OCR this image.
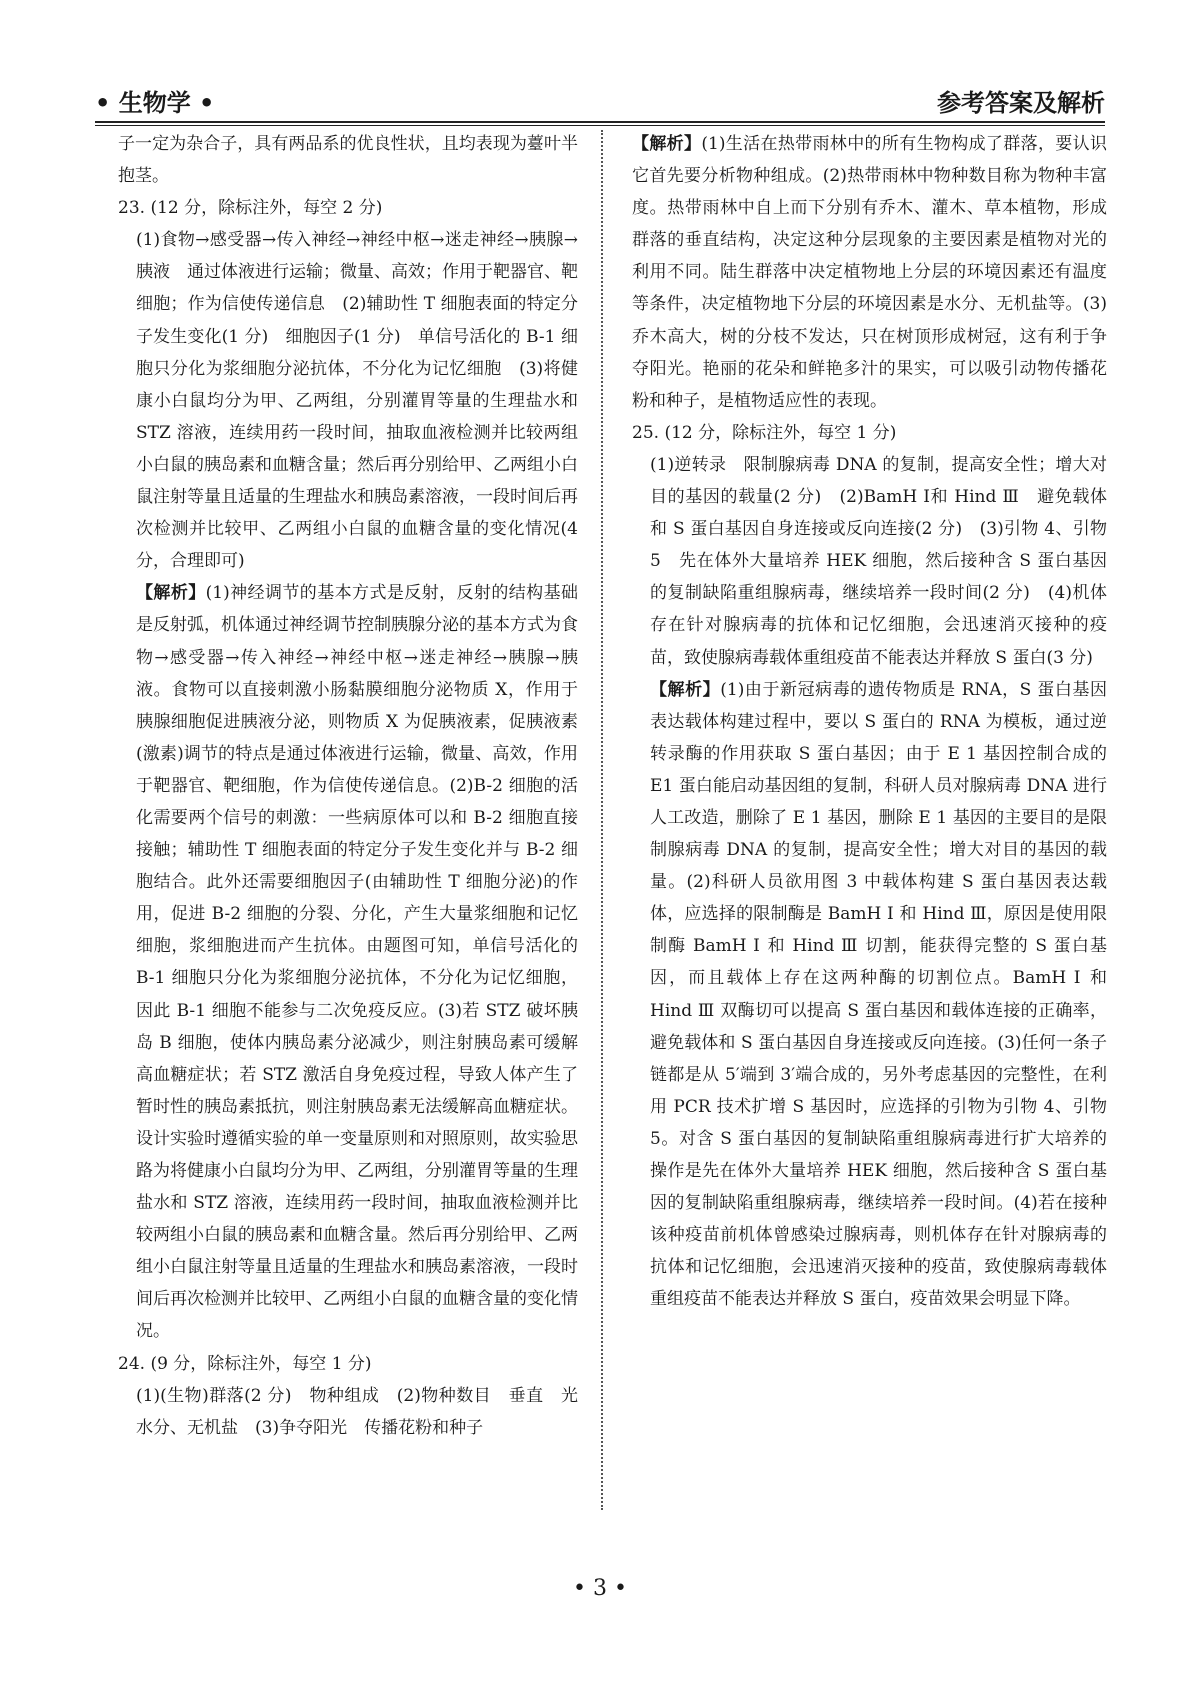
• 生物学 •	参考答案及解析

子一定为杂合子，具有两品系的优良性状，且均表现为薹叶半抱茎。

23. (12 分，除标注外，每空 2 分)

(1)食物→感受器→传入神经→神经中枢→迷走神经→胰腺→胰液　通过体液进行运输；微量、高效；作用于靶器官、靶细胞；作为信使传递信息　(2)辅助性 T 细胞表面的特定分子发生变化(1 分)　细胞因子(1 分)　单信号活化的 B-1 细胞只分化为浆细胞分泌抗体，不分化为记忆细胞　(3)将健康小白鼠均分为甲、乙两组，分别灌胃等量的生理盐水和 STZ 溶液，连续用药一段时间，抽取血液检测并比较两组小白鼠的胰岛素和血糖含量；然后再分别给甲、乙两组小白鼠注射等量且适量的生理盐水和胰岛素溶液，一段时间后再次检测并比较甲、乙两组小白鼠的血糖含量的变化情况(4 分，合理即可)

【解析】(1)神经调节的基本方式是反射，反射的结构基础是反射弧，机体通过神经调节控制胰腺分泌的基本方式为食物→感受器→传入神经→神经中枢→迷走神经→胰腺→胰液。食物可以直接刺激小肠黏膜细胞分泌物质 X，作用于胰腺细胞促进胰液分泌，则物质 X 为促胰液素，促胰液素(激素)调节的特点是通过体液进行运输，微量、高效，作用于靶器官、靶细胞，作为信使传递信息。(2)B-2 细胞的活化需要两个信号的刺激：一些病原体可以和 B-2 细胞直接接触；辅助性 T 细胞表面的特定分子发生变化并与 B-2 细胞结合。此外还需要细胞因子(由辅助性 T 细胞分泌)的作用，促进 B-2 细胞的分裂、分化，产生大量浆细胞和记忆细胞，浆细胞进而产生抗体。由题图可知，单信号活化的 B-1 细胞只分化为浆细胞分泌抗体，不分化为记忆细胞，因此 B-1 细胞不能参与二次免疫反应。(3)若 STZ 破坏胰岛 B 细胞，使体内胰岛素分泌减少，则注射胰岛素可缓解高血糖症状；若 STZ 激活自身免疫过程，导致人体产生了暂时性的胰岛素抵抗，则注射胰岛素无法缓解高血糖症状。设计实验时遵循实验的单一变量原则和对照原则，故实验思路为将健康小白鼠均分为甲、乙两组，分别灌胃等量的生理盐水和 STZ 溶液，连续用药一段时间，抽取血液检测并比较两组小白鼠的胰岛素和血糖含量。然后再分别给甲、乙两组小白鼠注射等量且适量的生理盐水和胰岛素溶液，一段时间后再次检测并比较甲、乙两组小白鼠的血糖含量的变化情况。

24. (9 分，除标注外，每空 1 分)

(1)(生物)群落(2 分)　物种组成　(2)物种数目　垂直　光　水分、无机盐　(3)争夺阳光　传播花粉和种子

【解析】(1)生活在热带雨林中的所有生物构成了群落，要认识它首先要分析物种组成。(2)热带雨林中物种数目称为物种丰富度。热带雨林中自上而下分别有乔木、灌木、草本植物，形成群落的垂直结构，决定这种分层现象的主要因素是植物对光的利用不同。陆生群落中决定植物地上分层的环境因素还有温度等条件，决定植物地下分层的环境因素是水分、无机盐等。(3)乔木高大，树的分枝不发达，只在树顶形成树冠，这有利于争夺阳光。艳丽的花朵和鲜艳多汁的果实，可以吸引动物传播花粉和种子，是植物适应性的表现。

25. (12 分，除标注外，每空 1 分)

(1)逆转录　限制腺病毒 DNA 的复制，提高安全性；增大对目的基因的载量(2 分)　(2)BamH Ⅰ和 Hind Ⅲ　避免载体和 S 蛋白基因自身连接或反向连接(2 分)　(3)引物 4、引物 5　先在体外大量培养 HEK 细胞，然后接种含 S 蛋白基因的复制缺陷重组腺病毒，继续培养一段时间(2 分)　(4)机体存在针对腺病毒的抗体和记忆细胞，会迅速消灭接种的疫苗，致使腺病毒载体重组疫苗不能表达并释放 S 蛋白(3 分)

【解析】(1)由于新冠病毒的遗传物质是 RNA，S 蛋白基因表达载体构建过程中，要以 S 蛋白的 RNA 为模板，通过逆转录酶的作用获取 S 蛋白基因；由于 E 1 基因控制合成的 E1 蛋白能启动基因组的复制，科研人员对腺病毒 DNA 进行人工改造，删除了 E 1 基因，删除 E 1 基因的主要目的是限制腺病毒 DNA 的复制，提高安全性；增大对目的基因的载量。(2)科研人员欲用图 3 中载体构建 S 蛋白基因表达载体，应选择的限制酶是 BamH Ⅰ 和 Hind Ⅲ，原因是使用限制酶 BamH Ⅰ 和 Hind Ⅲ 切割，能获得完整的 S 蛋白基因，而且载体上存在这两种酶的切割位点。BamH Ⅰ 和 Hind Ⅲ 双酶切可以提高 S 蛋白基因和载体连接的正确率，避免载体和 S 蛋白基因自身连接或反向连接。(3)任何一条子链都是从 5′端到 3′端合成的，另外考虑基因的完整性，在利用 PCR 技术扩增 S 基因时，应选择的引物为引物 4、引物 5。对含 S 蛋白基因的复制缺陷重组腺病毒进行扩大培养的操作是先在体外大量培养 HEK 细胞，然后接种含 S 蛋白基因的复制缺陷重组腺病毒，继续培养一段时间。(4)若在接种该种疫苗前机体曾感染过腺病毒，则机体存在针对腺病毒的抗体和记忆细胞，会迅速消灭接种的疫苗，致使腺病毒载体重组疫苗不能表达并释放 S 蛋白，疫苗效果会明显下降。

• 3 •
